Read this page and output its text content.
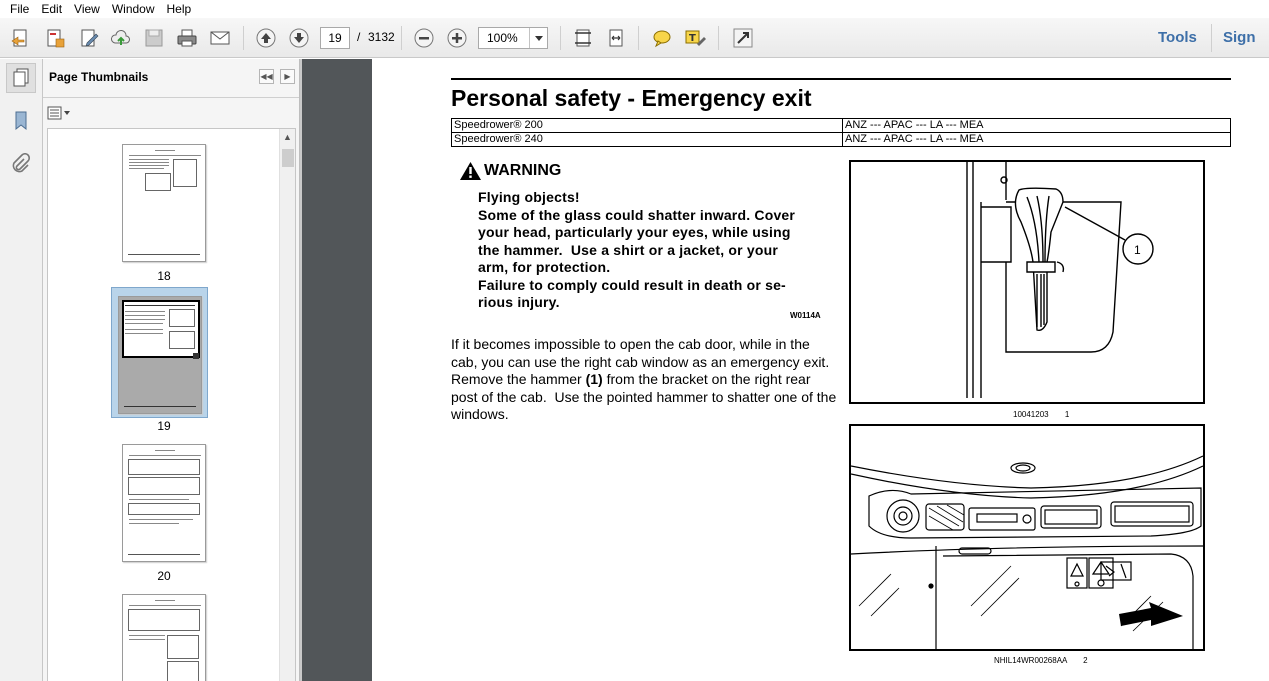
File	Edit	View	Window	Help
19	/ 3132	100%	T	Tools Sign
Page Thumbnails	◀◀	▶
▲
18
19
20
Personal safety - Emergency exit
Speedrower® 200	ANZ --- APAC --- LA --- MEA
Speedrower® 240	ANZ --- APAC --- LA --- MEA
WARNING
Flying objects!
Some of the glass could shatter inward. Cover
your head, particularly your eyes, while using
the hammer.  Use a shirt or a jacket, or your
arm, for protection.
Failure to comply could result in death or se-
rious injury.
W0114A
If it becomes impossible to open the cab door, while in the cab, you can use the right cab window as an emergency exit.  Remove the hammer (1) from the bracket on the right rear post of the cab.  Use the pointed hammer to shatter one of the windows.
1
10041203 1
NHIL14WR00268AA 2
